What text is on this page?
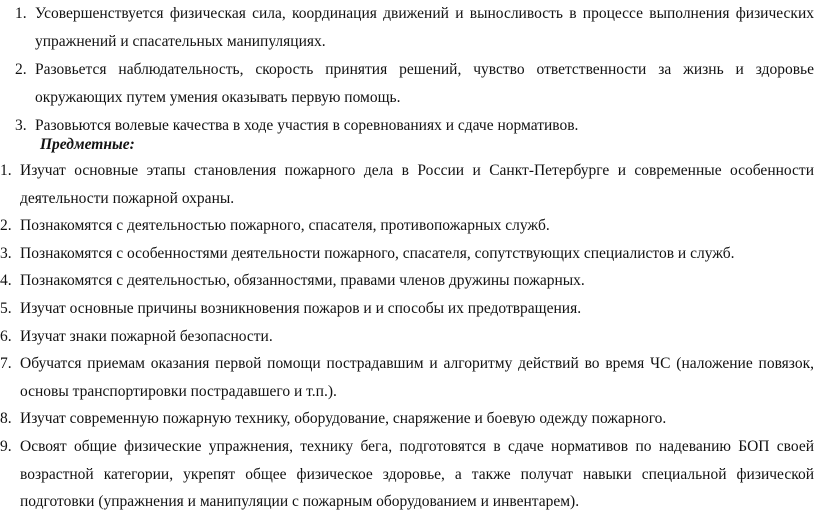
1. Усовершенствуется физическая сила, координация движений и выносливость в процессе выполнения физических упражнений и спасательных манипуляциях.
2. Разовьется наблюдательность, скорость принятия решений, чувство ответственности за жизнь и здоровье окружающих путем умения оказывать первую помощь.
3. Разовьются волевые качества в ходе участия в соревнованиях и сдаче нормативов.
Предметные:
1. Изучат основные этапы становления пожарного дела в России и Санкт-Петербурге и современные особенности деятельности пожарной охраны.
2. Познакомятся с деятельностью пожарного, спасателя, противопожарных служб.
3. Познакомятся с особенностями деятельности пожарного, спасателя, сопутствующих специалистов и служб.
4. Познакомятся с деятельностью, обязанностями, правами членов дружины пожарных.
5. Изучат основные причины возникновения пожаров и и способы их предотвращения.
6. Изучат знаки пожарной безопасности.
7. Обучатся приемам оказания первой помощи пострадавшим и алгоритму действий во время ЧС (наложение повязок, основы транспортировки пострадавшего и т.п.).
8. Изучат современную пожарную технику, оборудование, снаряжение и боевую одежду пожарного.
9. Освоят общие физические упражнения, технику бега, подготовятся в сдаче нормативов по надеванию БОП своей возрастной категории, укрепят общее физическое здоровье, а также получат навыки специальной физической подготовки (упражнения и манипуляции с пожарным оборудованием и инвентарем).
